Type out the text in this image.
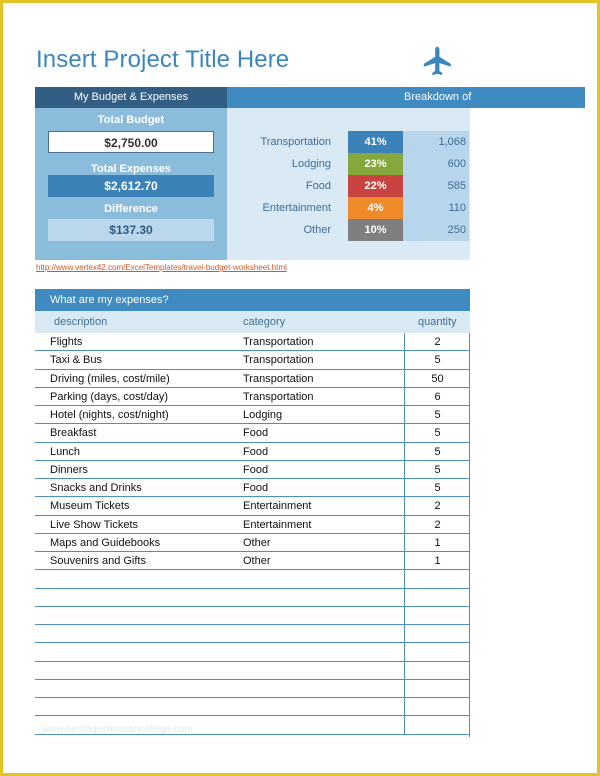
Insert Project Title Here
My Budget & Expenses	Breakdown of
Total Budget
$2,750.00
Total Expenses
$2,612.70
Difference
$137.30
Transportation	41%	1,068
Lodging	23%	600
Food	22%	585
Entertainment	4%	110
Other	10%	250
http://www.vertex42.com/ExcelTemplates/travel-budget-worksheet.html
What are my expenses?
description	category	quantity
Flights	Transportation	2
Taxi & Bus	Transportation	5
Driving (miles, cost/mile)	Transportation	50
Parking (days, cost/day)	Transportation	6
Hotel (nights, cost/night)	Lodging	5
Breakfast	Food	5
Lunch	Food	5
Dinners	Food	5
Snacks and Drinks	Food	5
Museum Tickets	Entertainment	2
Live Show Tickets	Entertainment	2
Maps and Guidebooks	Other	1
Souvenirs and Gifts	Other	1
www.heritagechristiancollege.com
